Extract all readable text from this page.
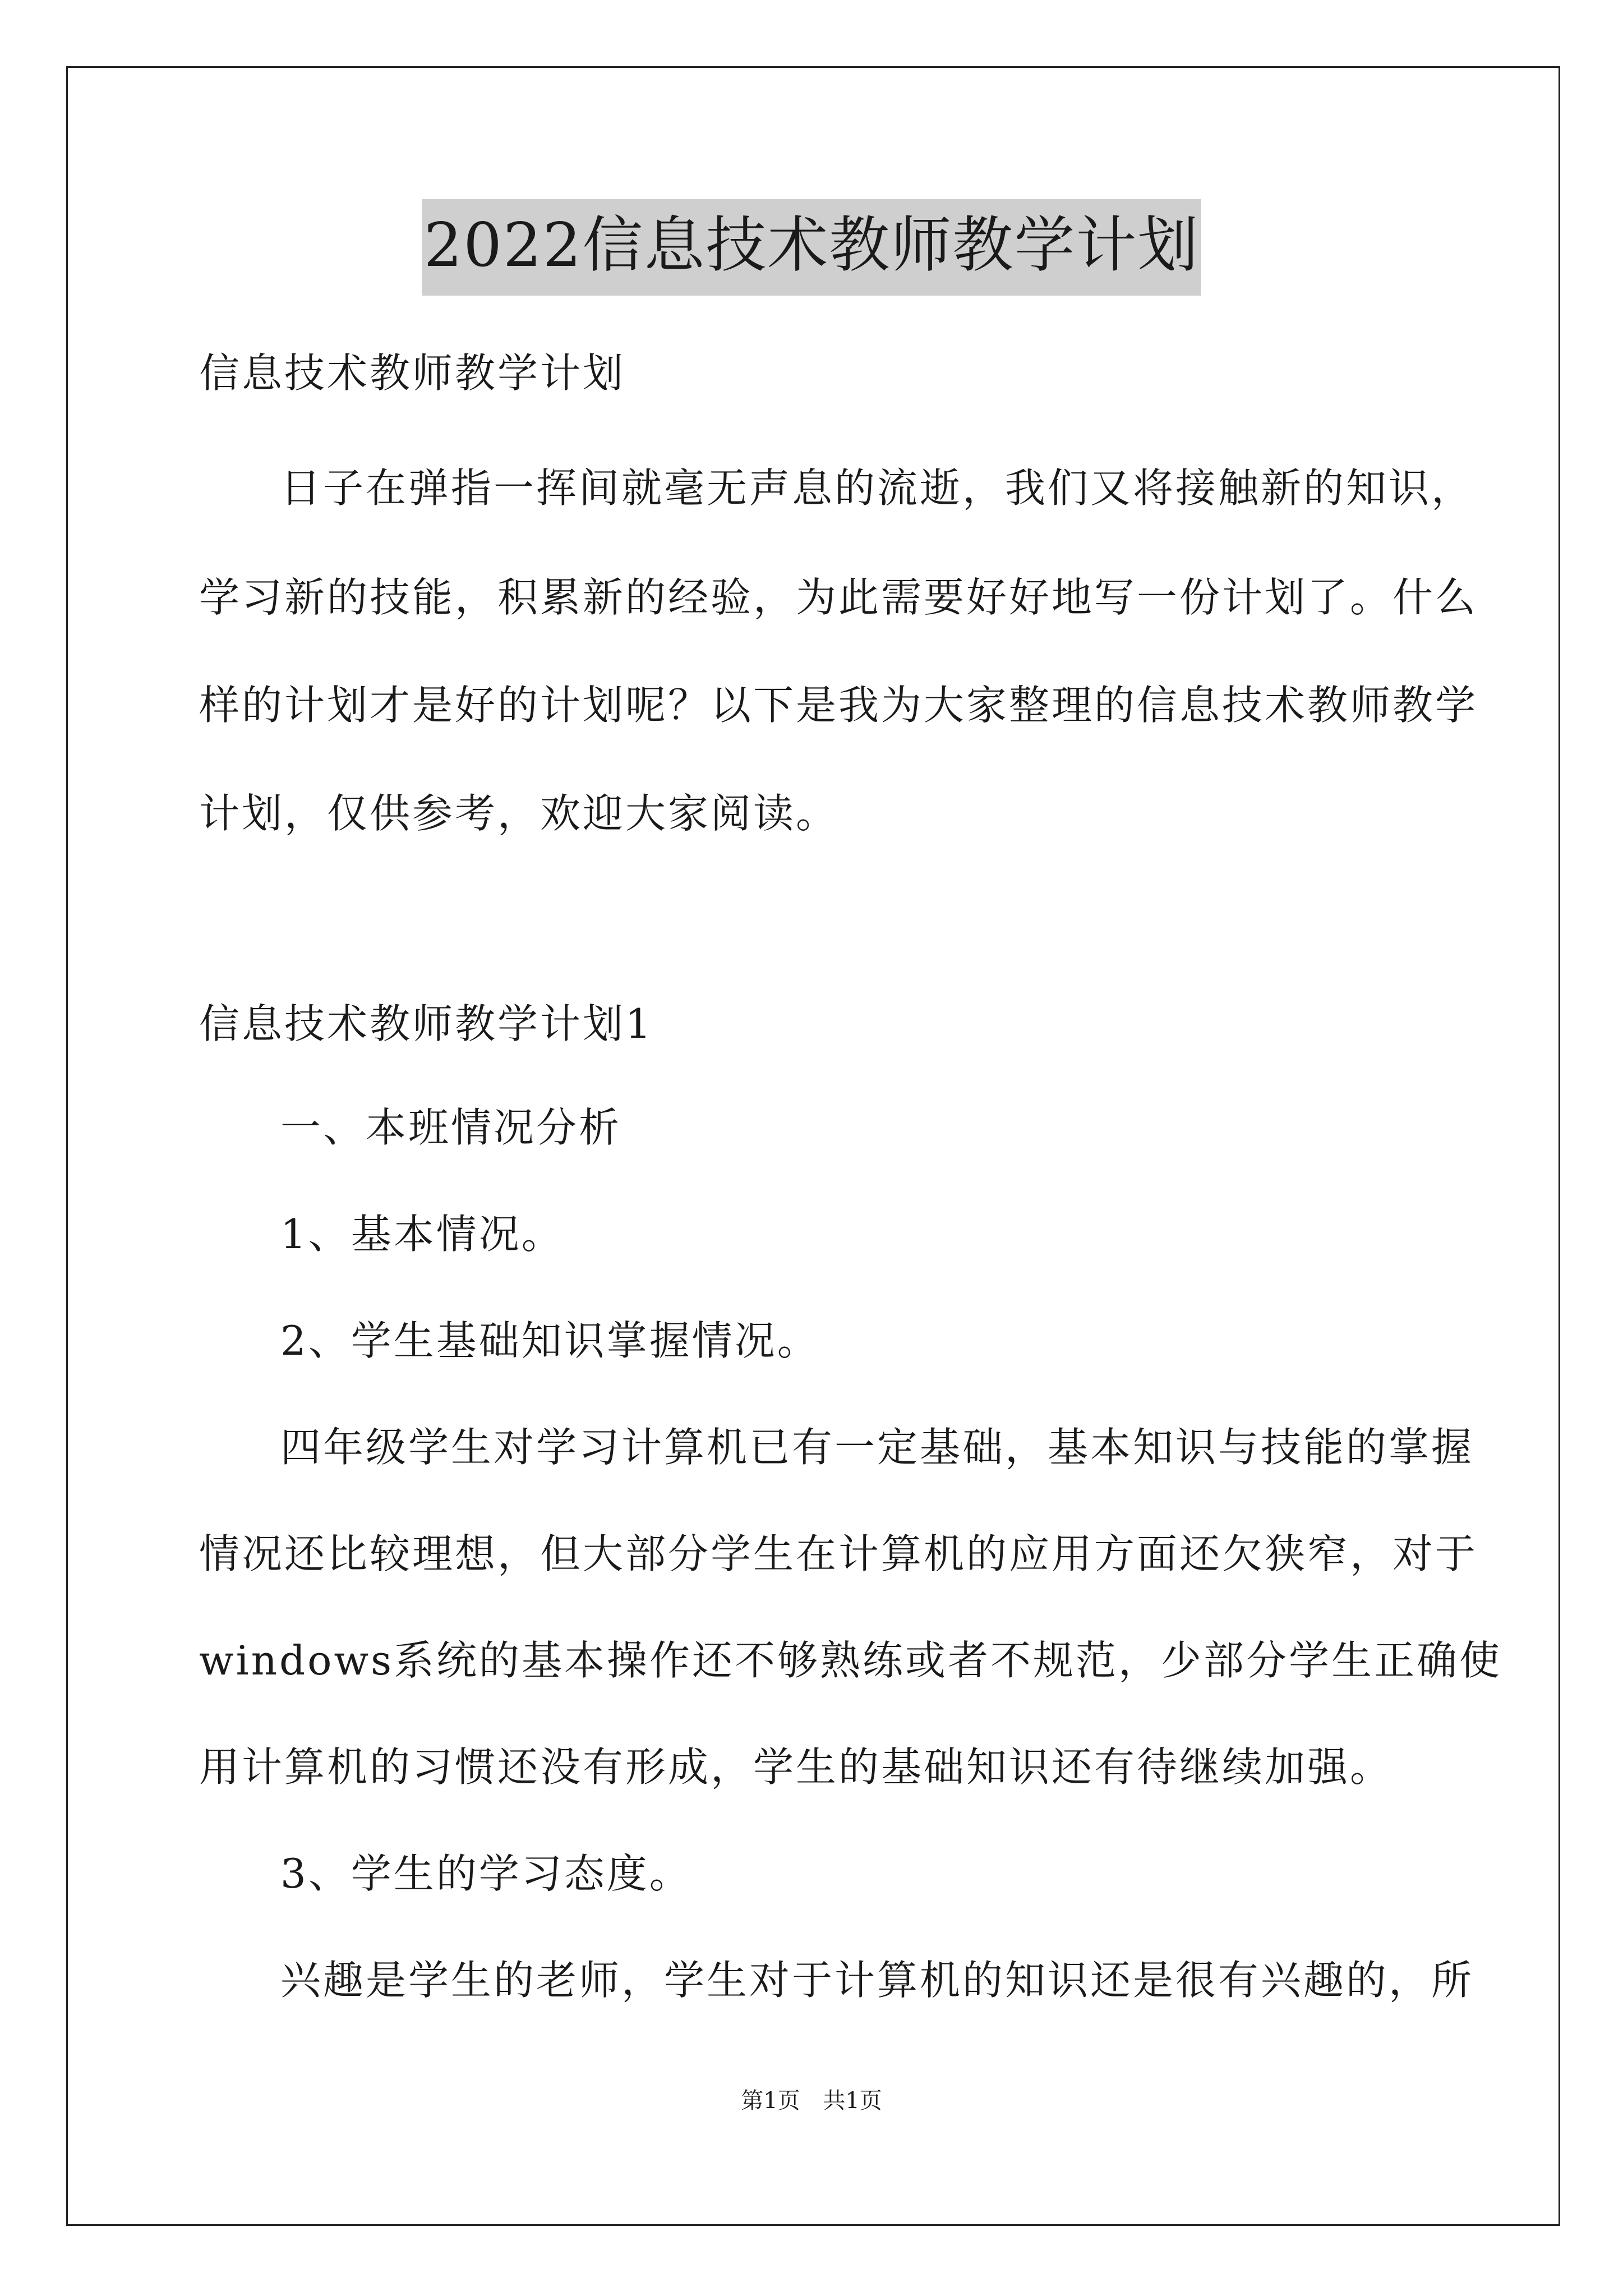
2022信息技术教师教学计划
信息技术教师教学计划
日子在弹指一挥间就毫无声息的流逝，我们又将接触新的知识，
学习新的技能，积累新的经验，为此需要好好地写一份计划了。什么
样的计划才是好的计划呢？以下是我为大家整理的信息技术教师教学
计划，仅供参考，欢迎大家阅读。
信息技术教师教学计划1
一、本班情况分析
1、基本情况。
2、学生基础知识掌握情况。
四年级学生对学习计算机已有一定基础，基本知识与技能的掌握
情况还比较理想，但大部分学生在计算机的应用方面还欠狭窄，对于
windows系统的基本操作还不够熟练或者不规范，少部分学生正确使
用计算机的习惯还没有形成，学生的基础知识还有待继续加强。
3、学生的学习态度。
兴趣是学生的老师，学生对于计算机的知识还是很有兴趣的，所
第1页 共1页
